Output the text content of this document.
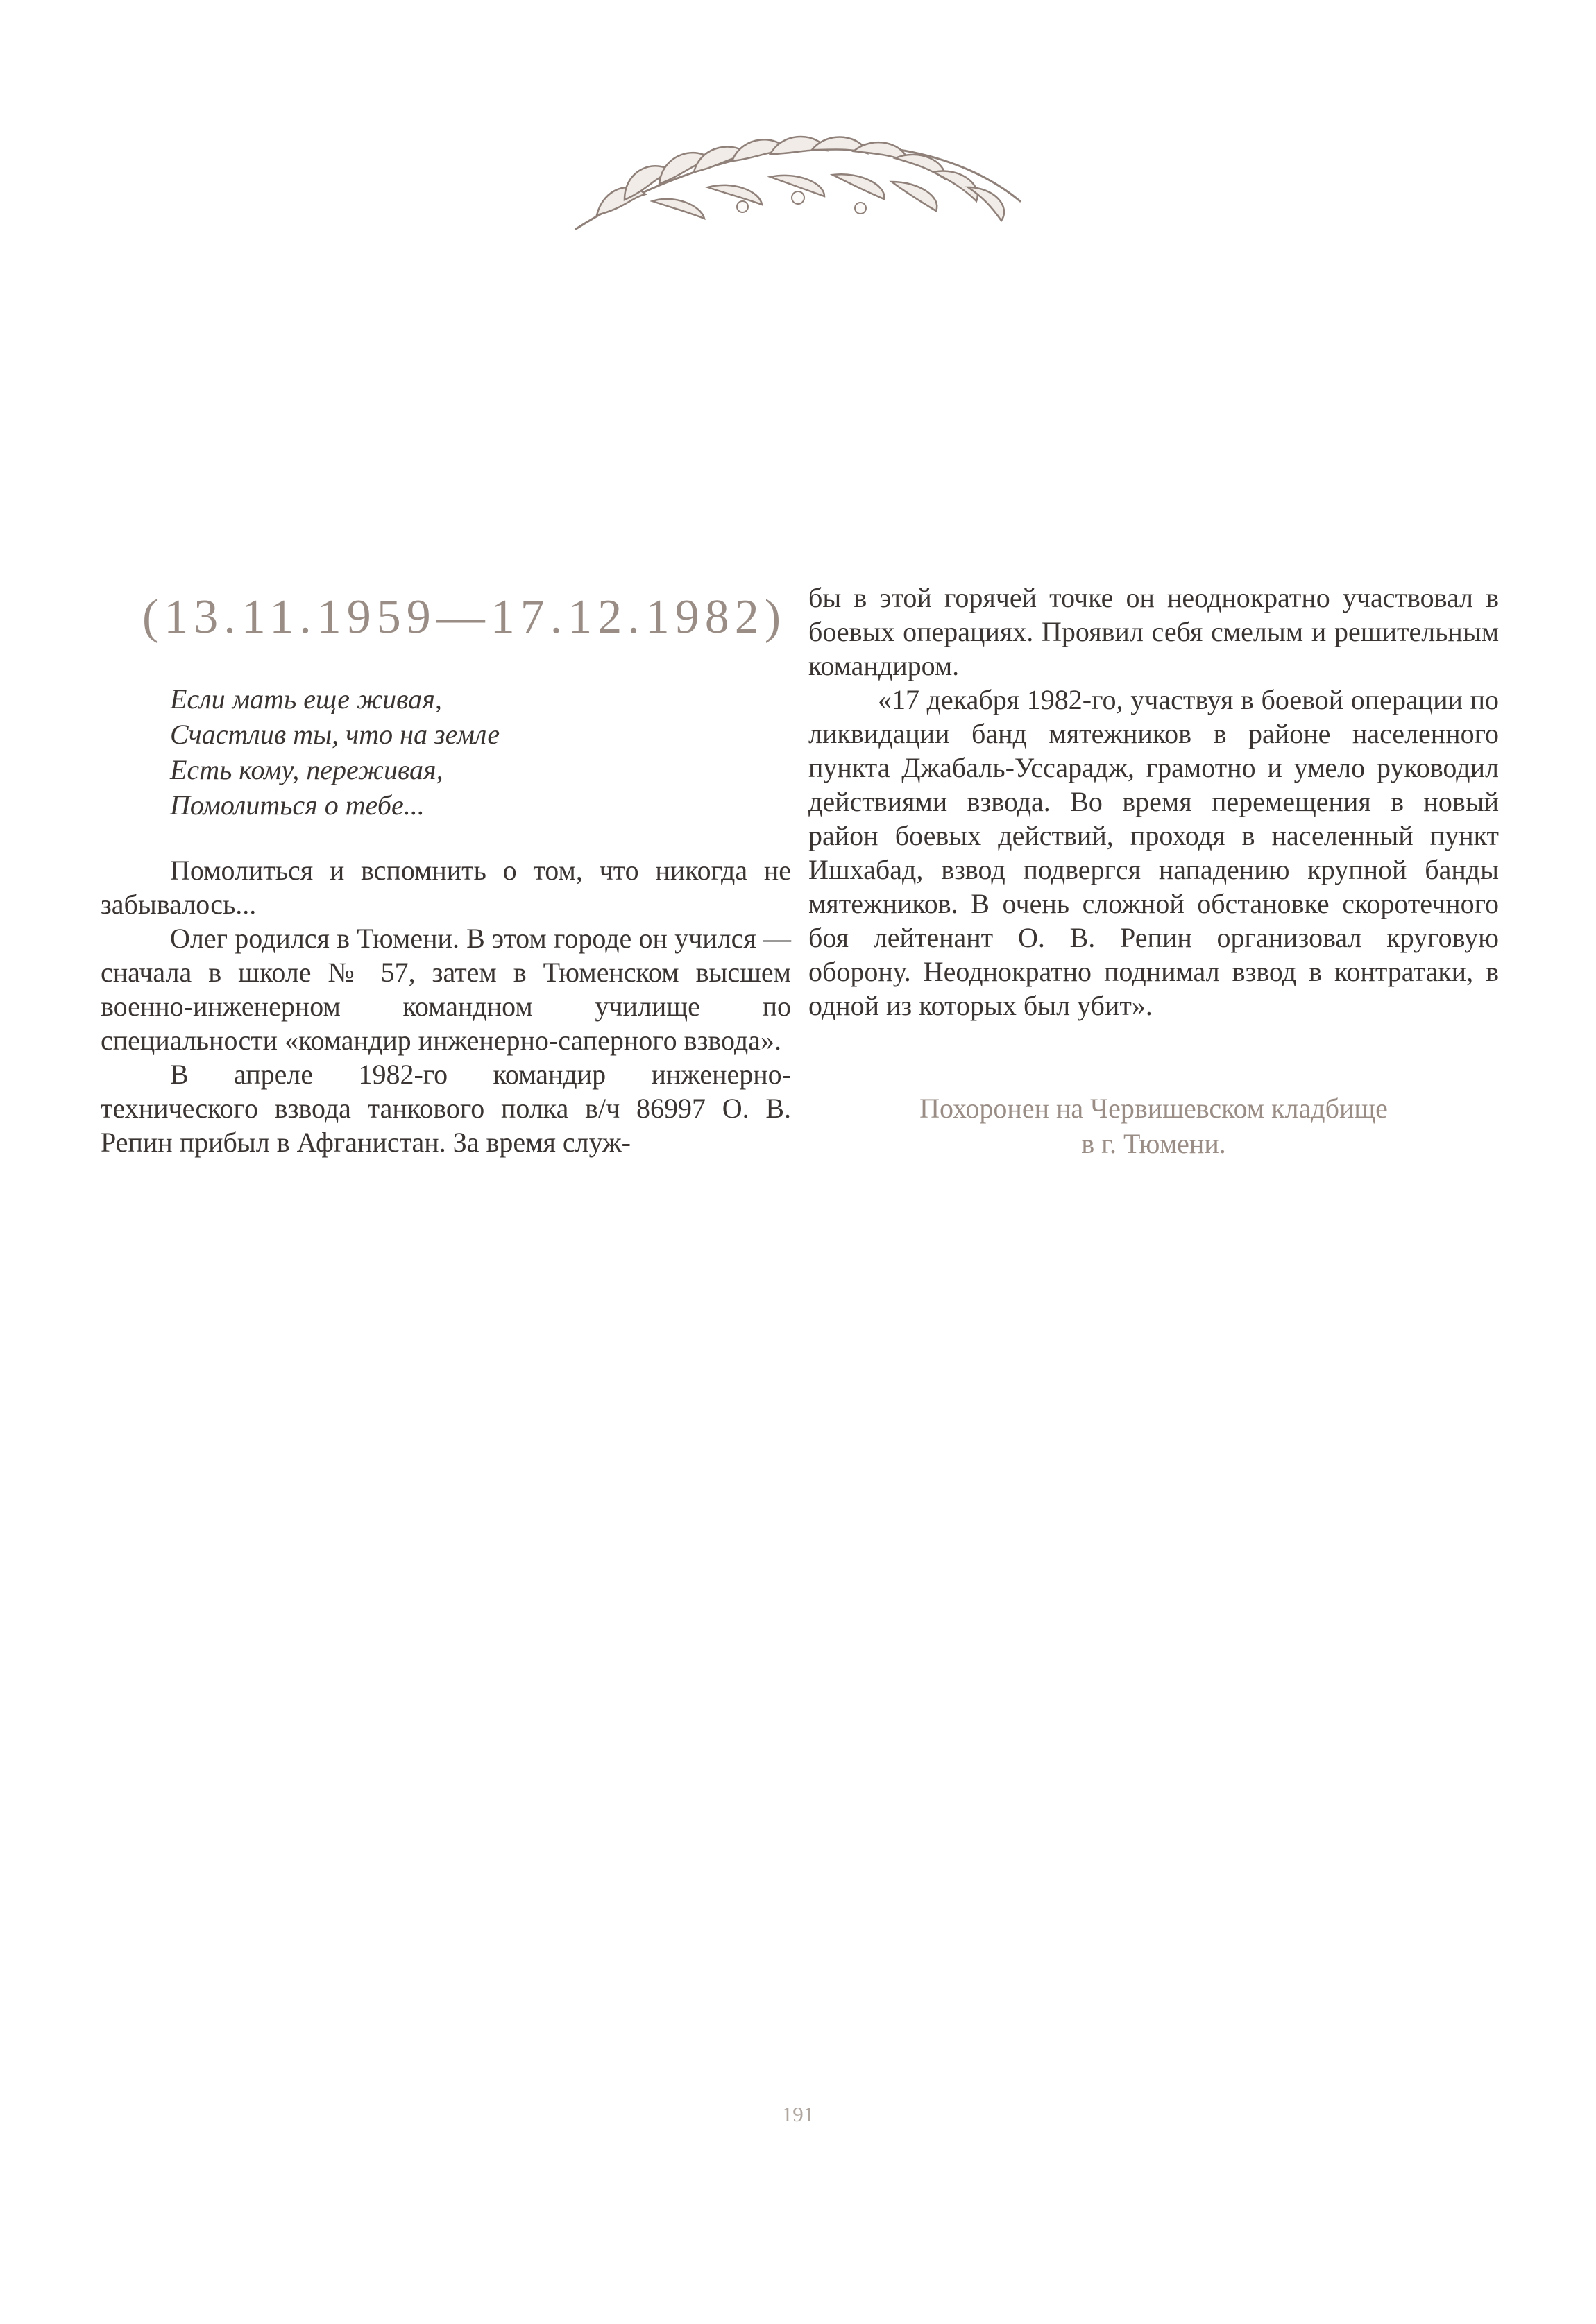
(13.11.1959—17.12.1982)
Если мать еще живая,
Счастлив ты, что на земле
Есть кому, переживая,
Помолиться о тебе...

Помолиться и вспомнить о том, что никогда не забывалось...

Олег родился в Тюмени. В этом городе он учился — сначала в школе № 57, затем в Тюменском высшем военно-инженерном командном училище по специальности «командир инженерно-саперного взвода».

В апреле 1982-го командир инженерно-технического взвода танкового полка в/ч 86997 О. В. Репин прибыл в Афганистан. За время служ-

бы в этой горячей точке он неоднократно участвовал в боевых операциях. Проявил себя смелым и решительным командиром.

«17 декабря 1982-го, участвуя в боевой операции по ликвидации банд мятежников в районе населенного пункта Джабаль-Уссарадж, грамотно и умело руководил действиями взвода. Во время перемещения в новый район боевых действий, проходя в населенный пункт Ишхабад, взвод подвергся нападению крупной банды мятежников. В очень сложной обстановке скоротечного боя лейтенант О. В. Репин организовал круговую оборону. Неоднократно поднимал взвод в контратаки, в одной из которых был убит».

Похоронен на Червишевском кладбище
в г. Тюмени.
191
